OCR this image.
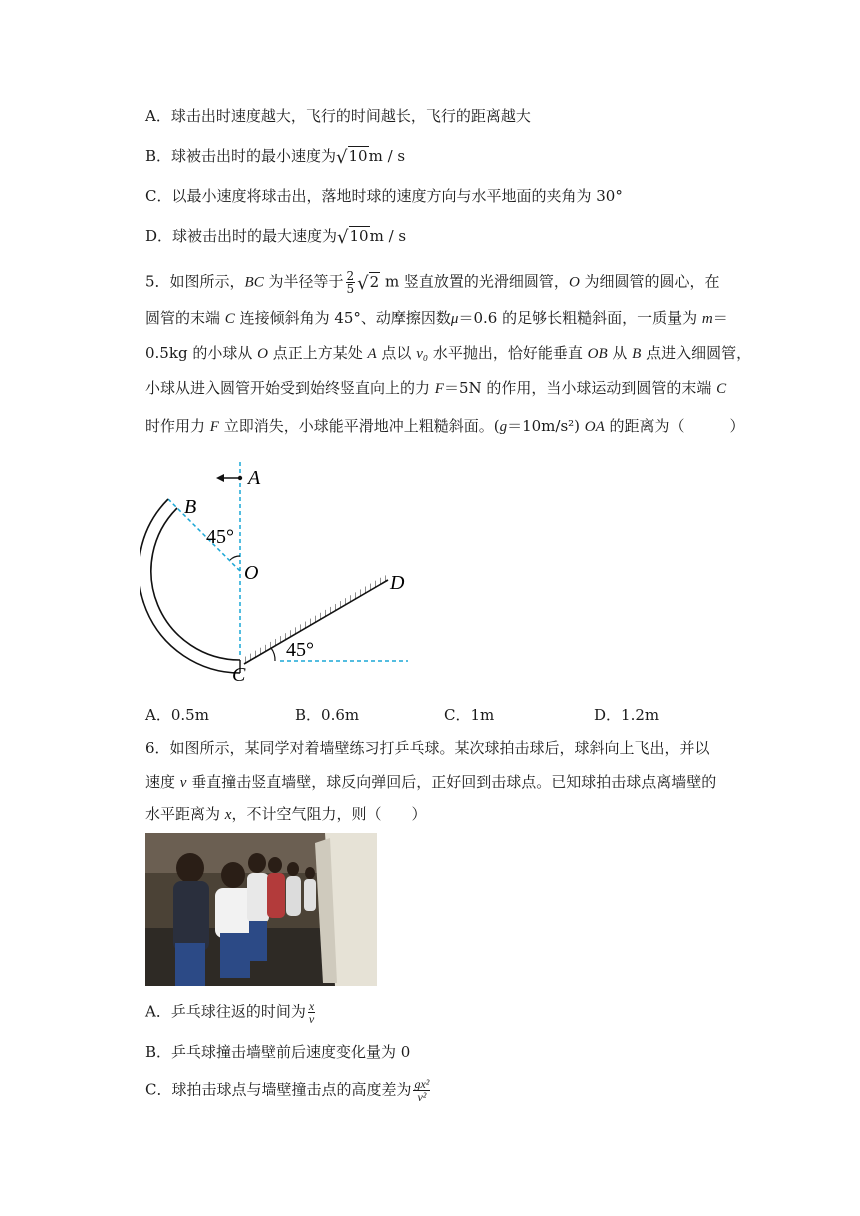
A．球击出时速度越大，飞行的时间越长，飞行的距离越大
B．球被击出时的最小速度为√10m / s
C．以最小速度将球击出，落地时球的速度方向与水平地面的夹角为 30°
D．球被击出时的最大速度为√10m / s
5．如图所示，BC 为半径等于 $\frac{2}{5} √2$ m 竖直放置的光滑细圆管，O 为细圆管的圆心，在
圆管的末端 C 连接倾斜角为 45°、动摩擦因数μ＝0.6 的足够长粗糙斜面，一质量为 m＝
0.5kg 的小球从 O 点正上方某处 A 点以 v₀ 水平抛出，恰好能垂直 OB 从 B 点进入细圆管，
小球从进入圆管开始受到始终竖直向上的力 F＝5N 的作用，当小球运动到圆管的末端 C
时作用力 F 立即消失，小球能平滑地冲上粗糙斜面。(g＝10m/s²) OA 的距离为（　　　）
A
B
O
C
D
45°
45°
A．0.5m	B．0.6m	C．1m	D．1.2m
6．如图所示，某同学对着墙壁练习打乒乓球。某次球拍击球后，球斜向上飞出，并以
速度 v 垂直撞击竖直墙壁，球反向弹回后，正好回到击球点。已知球拍击球点离墙壁的
水平距离为 x，不计空气阻力，则（　　）
A．乒乓球往返的时间为 $\frac{x}{v}$
B．乒乓球撞击墙壁前后速度变化量为 0
C．球拍击球点与墙壁撞击点的高度差为 $\frac{\text{gx²}}{\text{v²}}$
